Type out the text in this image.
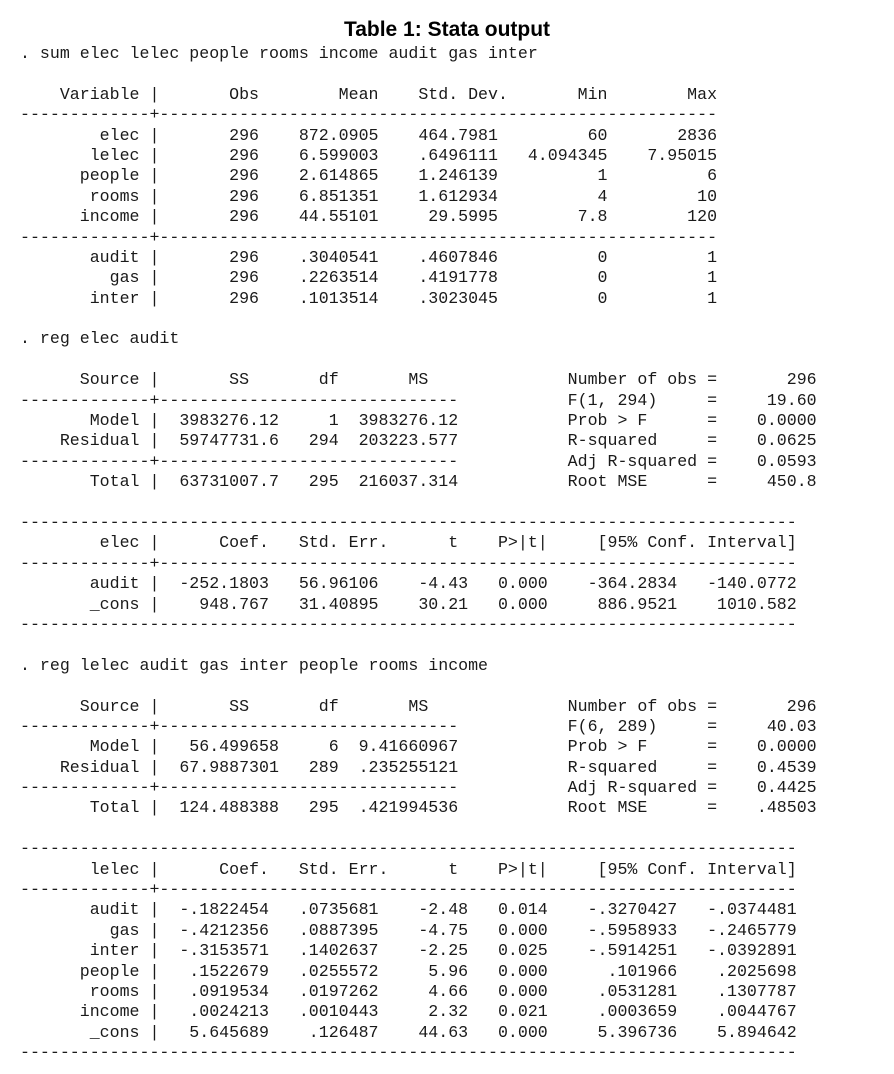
Table 1: Stata output
. sum elec lelec people rooms income audit gas inter
Variable |       Obs        Mean    Std. Dev.       Min        Max
-------------+--------------------------------------------------------
elec |       296    872.0905    464.7981         60       2836
lelec |       296    6.599003    .6496111   4.094345    7.95015
people |       296    2.614865    1.246139          1          6
rooms |       296    6.851351    1.612934          4         10
income |       296    44.55101     29.5995        7.8        120
-------------+--------------------------------------------------------
audit |       296    .3040541    .4607846          0          1
gas |       296    .2263514    .4191778          0          1
inter |       296    .1013514    .3023045          0          1
. reg elec audit
Source |       SS       df       MS              Number of obs =       296
-------------+------------------------------           F(1, 294)     =     19.60
Model |  3983276.12     1  3983276.12           Prob > F      =    0.0000
Residual |  59747731.6   294  203223.577           R-squared     =    0.0625
-------------+------------------------------           Adj R-squared =    0.0593
Total |  63731007.7   295  216037.314           Root MSE      =     450.8
------------------------------------------------------------------------------
elec |      Coef.   Std. Err.      t    P>|t|     [95% Conf. Interval]
-------------+----------------------------------------------------------------
audit |  -252.1803   56.96106    -4.43   0.000    -364.2834   -140.0772
_cons |    948.767   31.40895    30.21   0.000     886.9521    1010.582
------------------------------------------------------------------------------
. reg lelec audit gas inter people rooms income
Source |       SS       df       MS              Number of obs =       296
-------------+------------------------------           F(6, 289)     =     40.03
Model |   56.499658     6  9.41660967           Prob > F      =    0.0000
Residual |  67.9887301   289  .235255121           R-squared     =    0.4539
-------------+------------------------------           Adj R-squared =    0.4425
Total |  124.488388   295  .421994536           Root MSE      =    .48503
------------------------------------------------------------------------------
lelec |      Coef.   Std. Err.      t    P>|t|     [95% Conf. Interval]
-------------+----------------------------------------------------------------
audit |  -.1822454   .0735681    -2.48   0.014    -.3270427   -.0374481
gas |  -.4212356   .0887395    -4.75   0.000    -.5958933   -.2465779
inter |  -.3153571   .1402637    -2.25   0.025    -.5914251   -.0392891
people |   .1522679   .0255572     5.96   0.000      .101966    .2025698
rooms |   .0919534   .0197262     4.66   0.000     .0531281    .1307787
income |   .0024213   .0010443     2.32   0.021     .0003659    .0044767
_cons |   5.645689    .126487    44.63   0.000     5.396736    5.894642
------------------------------------------------------------------------------
